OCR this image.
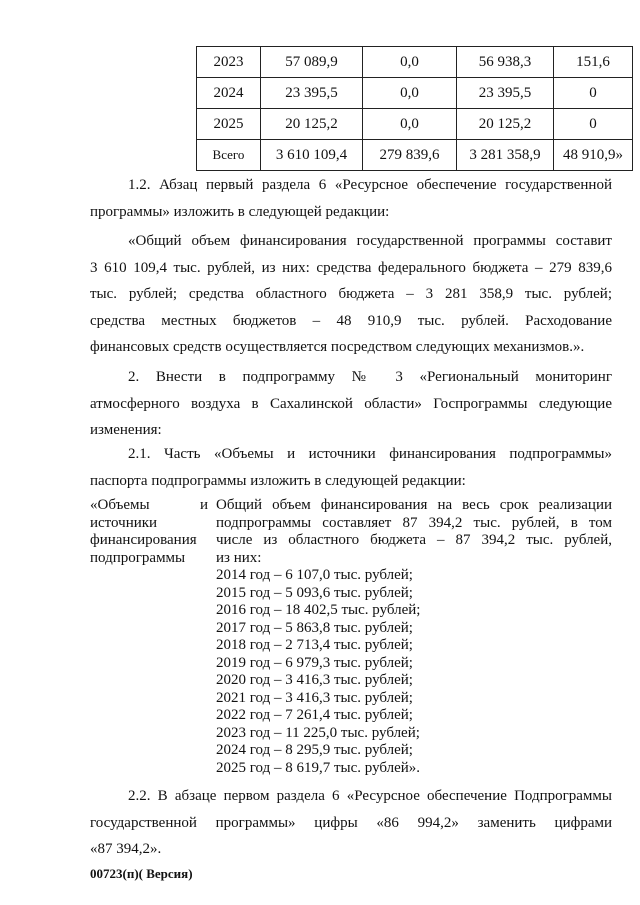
2023	57 089,9	0,0	56 938,3	151,6
2024	23 395,5	0,0	23 395,5	0
2025	20 125,2	0,0	20 125,2	0
Всего	3 610 109,4	279 839,6	3 281 358,9	48 910,9»
1.2. Абзац первый раздела 6 «Ресурсное обеспечение государственной
программы» изложить в следующей редакции:
«Общий объем финансирования государственной программы составит
3 610 109,4 тыс. рублей, из них: средства федерального бюджета – 279 839,6
тыс. рублей; средства областного бюджета – 3 281 358,9 тыс. рублей;
средства местных бюджетов – 48 910,9 тыс. рублей. Расходование
финансовых средств осуществляется посредством следующих механизмов.».
2. Внести в подпрограмму № 3 «Региональный мониторинг
атмосферного воздуха в Сахалинской области» Госпрограммы следующие
изменения:
2.1. Часть «Объемы и источники финансирования подпрограммы»
паспорта подпрограммы изложить в следующей редакции:
«Объемы и
источники
финансирования
подпрограммы
Общий объем финансирования на весь срок реализации
подпрограммы составляет 87 394,2 тыс. рублей, в том
числе из областного бюджета – 87 394,2 тыс. рублей,
из них:
2014 год – 6 107,0 тыс. рублей;
2015 год – 5 093,6 тыс. рублей;
2016 год – 18 402,5 тыс. рублей;
2017 год – 5 863,8 тыс. рублей;
2018 год – 2 713,4 тыс. рублей;
2019 год – 6 979,3 тыс. рублей;
2020 год – 3 416,3 тыс. рублей;
2021 год – 3 416,3 тыс. рублей;
2022 год – 7 261,4 тыс. рублей;
2023 год – 11 225,0 тыс. рублей;
2024 год – 8 295,9 тыс. рублей;
2025 год – 8 619,7 тыс. рублей».
2.2. В абзаце первом раздела 6 «Ресурсное обеспечение Подпрограммы
государственной программы» цифры «86 994,2» заменить цифрами
«87 394,2».
00723(п)( Версия)
